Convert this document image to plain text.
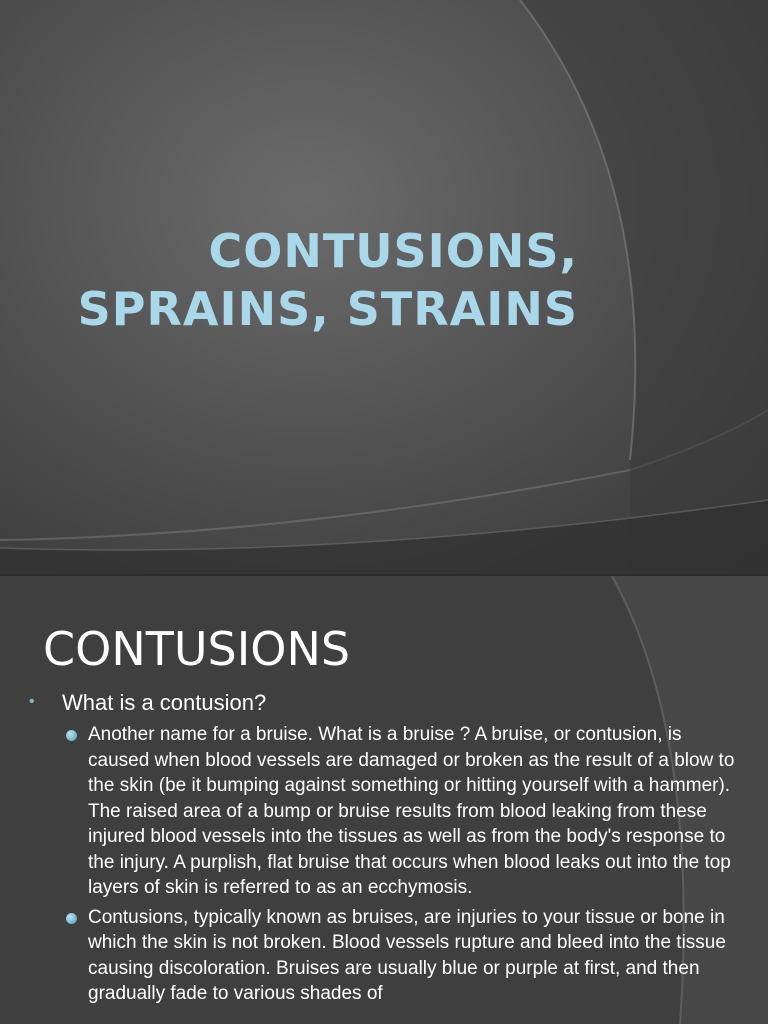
CONTUSIONS,
SPRAINS, STRAINS
CONTUSIONS

• What is a contusion?

Another name for a bruise. What is a bruise ? A bruise, or contusion, is caused when blood vessels are damaged or broken as the result of a blow to the skin (be it bumping against something or hitting yourself with a hammer). The raised area of a bump or bruise results from blood leaking from these injured blood vessels into the tissues as well as from the body's response to the injury. A purplish, flat bruise that occurs when blood leaks out into the top layers of skin is referred to as an ecchymosis.

Contusions, typically known as bruises, are injuries to your tissue or bone in which the skin is not broken. Blood vessels rupture and bleed into the tissue causing discoloration. Bruises are usually blue or purple at first, and then gradually fade to various shades of
